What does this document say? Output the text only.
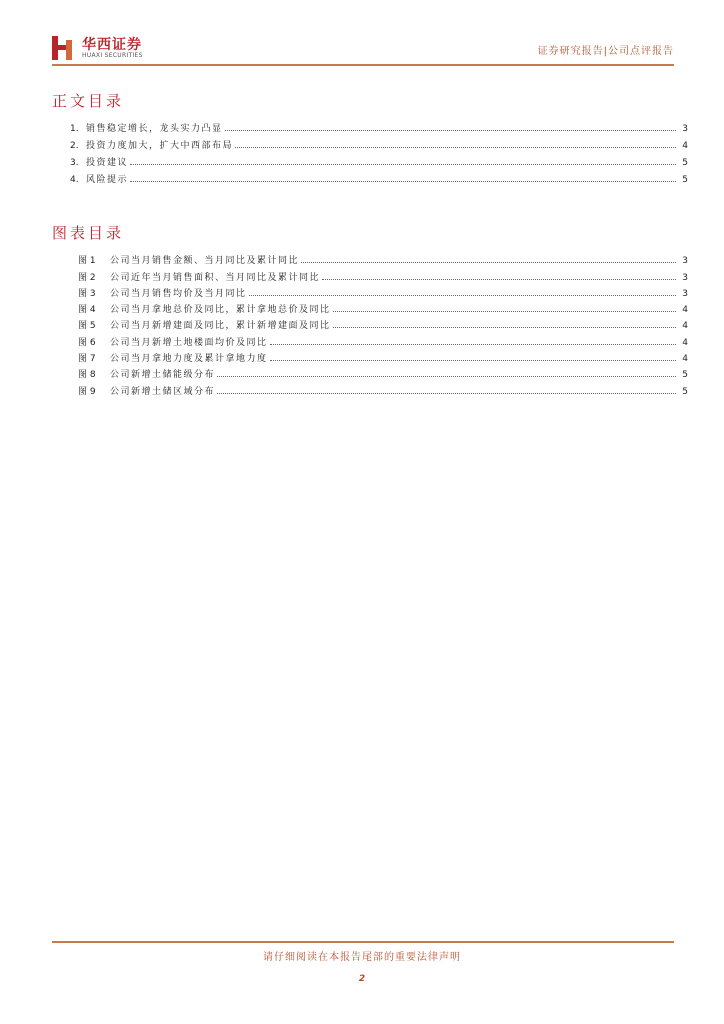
华西证券
HUAXI SECURITIES	证券研究报告|公司点评报告
正文目录
1. 销售稳定增长，龙头实力凸显	3
2. 投资力度加大，扩大中西部布局	4
3. 投资建议	5
4. 风险提示	5
图表目录
图 1	公司当月销售金额、当月同比及累计同比	3
图 2	公司近年当月销售面积、当月同比及累计同比	3
图 3	公司当月销售均价及当月同比	3
图 4	公司当月拿地总价及同比，累计拿地总价及同比	4
图 5	公司当月新增建面及同比，累计新增建面及同比	4
图 6	公司当月新增土地楼面均价及同比	4
图 7	公司当月拿地力度及累计拿地力度	4
图 8	公司新增土储能级分布	5
图 9	公司新增土储区域分布	5
请仔细阅读在本报告尾部的重要法律声明
2
